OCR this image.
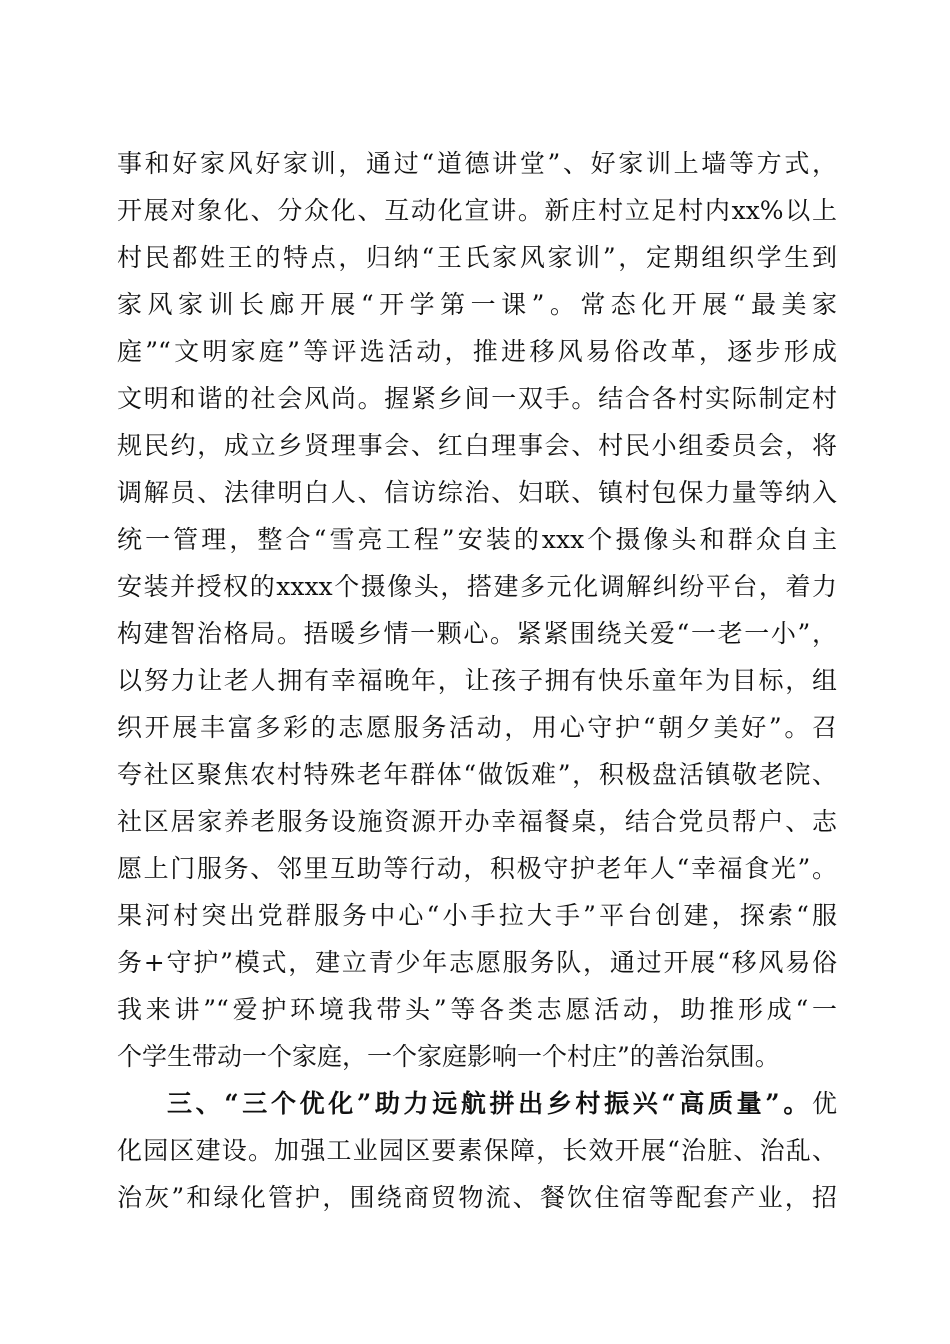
事和好家风好家训，通过“道德讲堂”、好家训上墙等方式，
开展对象化、分众化、互动化宣讲。新庄村立足村内xx%以上
村民都姓王的特点，归纳“王氏家风家训”，定期组织学生到
家风家训长廊开展“开学第一课”。常态化开展“最美家
庭”“文明家庭”等评选活动，推进移风易俗改革，逐步形成
文明和谐的社会风尚。握紧乡间一双手。结合各村实际制定村
规民约，成立乡贤理事会、红白理事会、村民小组委员会，将
调解员、法律明白人、信访综治、妇联、镇村包保力量等纳入
统一管理，整合“雪亮工程”安装的xxx个摄像头和群众自主
安装并授权的xxxx个摄像头，搭建多元化调解纠纷平台，着力
构建智治格局。捂暖乡情一颗心。紧紧围绕关爱“一老一小”，
以努力让老人拥有幸福晚年，让孩子拥有快乐童年为目标，组
织开展丰富多彩的志愿服务活动，用心守护“朝夕美好”。召
夸社区聚焦农村特殊老年群体“做饭难”，积极盘活镇敬老院、
社区居家养老服务设施资源开办幸福餐桌，结合党员帮户、志
愿上门服务、邻里互助等行动，积极守护老年人“幸福食光”。
果河村突出党群服务中心“小手拉大手”平台创建，探索“服
务+守护”模式，建立青少年志愿服务队，通过开展“移风易俗
我来讲”“爱护环境我带头”等各类志愿活动，助推形成“一
个学生带动一个家庭，一个家庭影响一个村庄”的善治氛围。
三、“三个优化”助力远航拼出乡村振兴“高质量”。优
化园区建设。加强工业园区要素保障，长效开展“治脏、治乱、
治灰”和绿化管护，围绕商贸物流、餐饮住宿等配套产业，招
